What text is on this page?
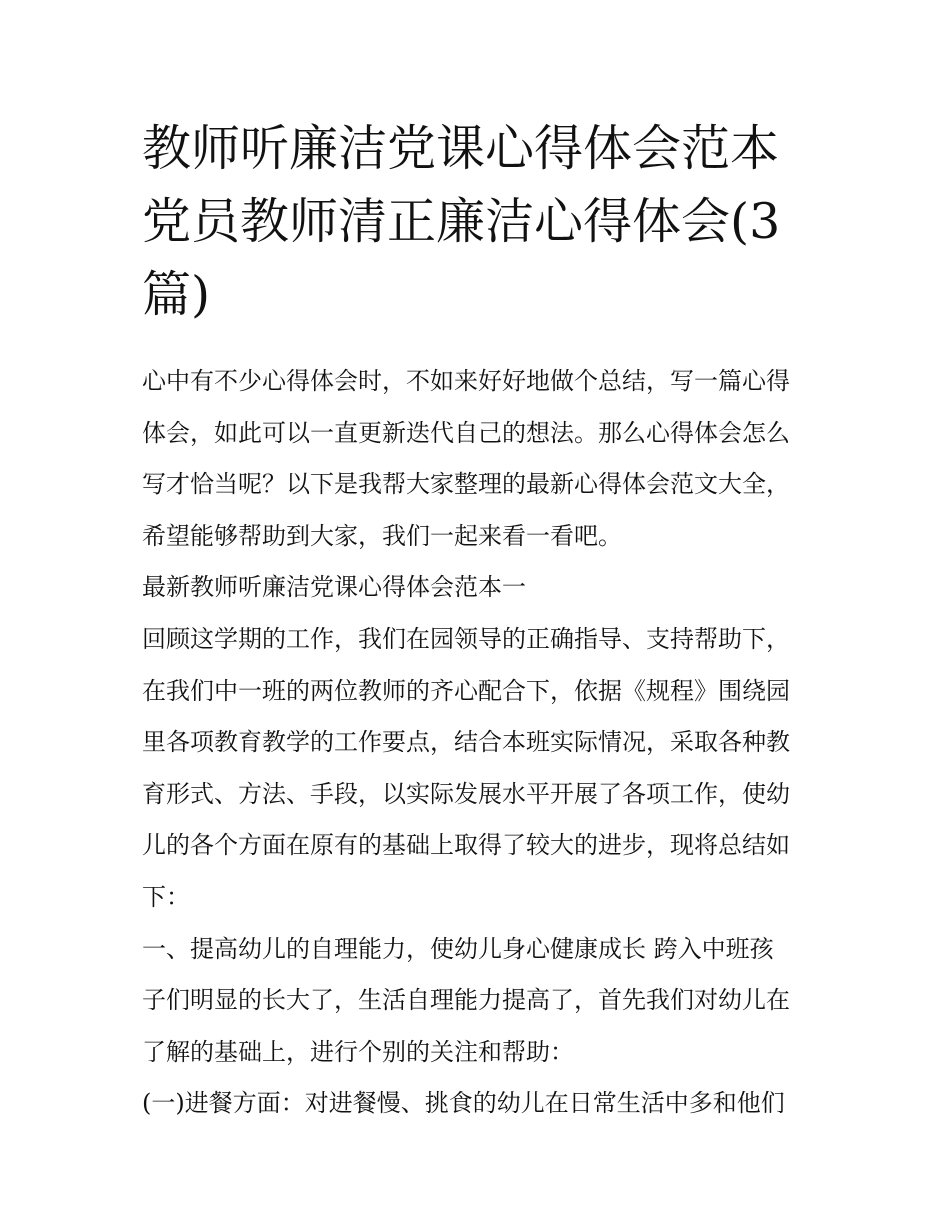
教师听廉洁党课心得体会范本
党员教师清正廉洁心得体会(3
篇)
心中有不少心得体会时，不如来好好地做个总结，写一篇心得
体会，如此可以一直更新迭代自己的想法。那么心得体会怎么
写才恰当呢？以下是我帮大家整理的最新心得体会范文大全，
希望能够帮助到大家，我们一起来看一看吧。
最新教师听廉洁党课心得体会范本一
回顾这学期的工作，我们在园领导的正确指导、支持帮助下，
在我们中一班的两位教师的齐心配合下，依据《规程》围绕园
里各项教育教学的工作要点，结合本班实际情况，采取各种教
育形式、方法、手段，以实际发展水平开展了各项工作，使幼
儿的各个方面在原有的基础上取得了较大的进步，现将总结如
下：
一、提高幼儿的自理能力，使幼儿身心健康成长 跨入中班孩
子们明显的长大了，生活自理能力提高了，首先我们对幼儿在
了解的基础上，进行个别的关注和帮助：
(一)进餐方面：对进餐慢、挑食的幼儿在日常生活中多和他们
